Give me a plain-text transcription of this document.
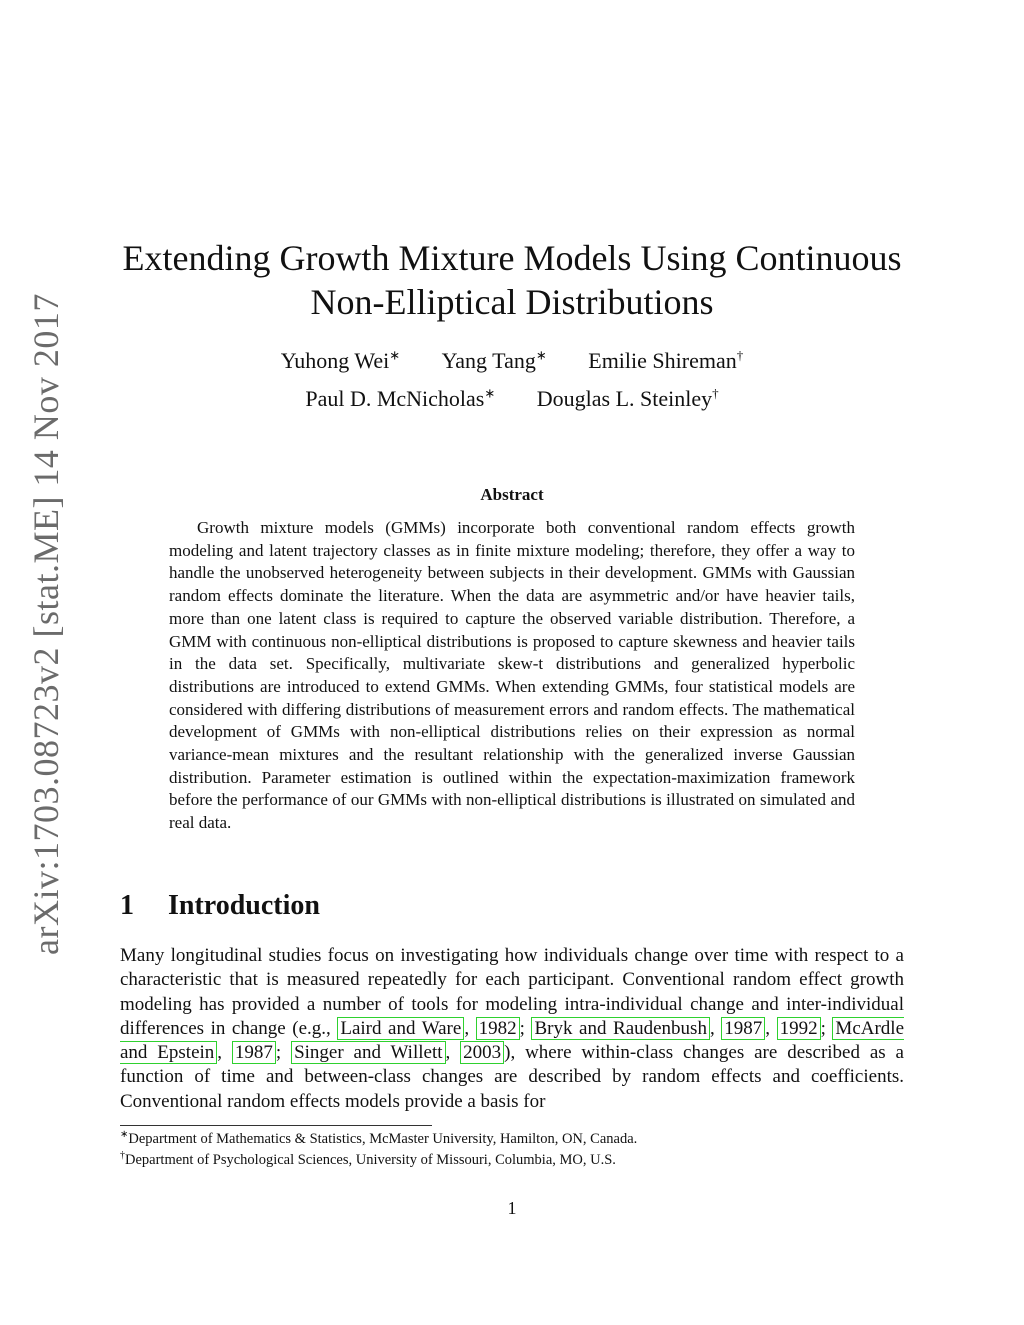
arXiv:1703.08723v2 [stat.ME] 14 Nov 2017
Extending Growth Mixture Models Using Continuous Non-Elliptical Distributions
Yuhong Wei∗ Yang Tang∗ Emilie Shireman†
Paul D. McNicholas∗ Douglas L. Steinley†
Abstract
Growth mixture models (GMMs) incorporate both conventional random effects growth modeling and latent trajectory classes as in finite mixture modeling; therefore, they offer a way to handle the unobserved heterogeneity between subjects in their development. GMMs with Gaussian random effects dominate the literature. When the data are asymmetric and/or have heavier tails, more than one latent class is required to capture the observed variable distribution. Therefore, a GMM with continuous non-elliptical distributions is proposed to capture skewness and heavier tails in the data set. Specifically, multivariate skew-t distributions and generalized hyperbolic distributions are introduced to extend GMMs. When extending GMMs, four statistical models are considered with differing distributions of measurement errors and random effects. The mathematical development of GMMs with non-elliptical distributions relies on their expression as normal variance-mean mixtures and the resultant relationship with the generalized inverse Gaussian distribution. Parameter estimation is outlined within the expectation-maximization framework before the performance of our GMMs with non-elliptical distributions is illustrated on simulated and real data.
1 Introduction
Many longitudinal studies focus on investigating how individuals change over time with respect to a characteristic that is measured repeatedly for each participant. Conventional random effect growth modeling has provided a number of tools for modeling intra-individual change and inter-individual differences in change (e.g., Laird and Ware , 1982 ; Bryk and Raudenbush , 1987 , 1992 ; McArdle and Epstein , 1987 ; Singer and Willett , 2003 ), where within-class changes are described as a function of time and between-class changes are described by random effects and coefficients. Conventional random effects models provide a basis for
∗Department of Mathematics & Statistics, McMaster University, Hamilton, ON, Canada.
†Department of Psychological Sciences, University of Missouri, Columbia, MO, U.S.
1
